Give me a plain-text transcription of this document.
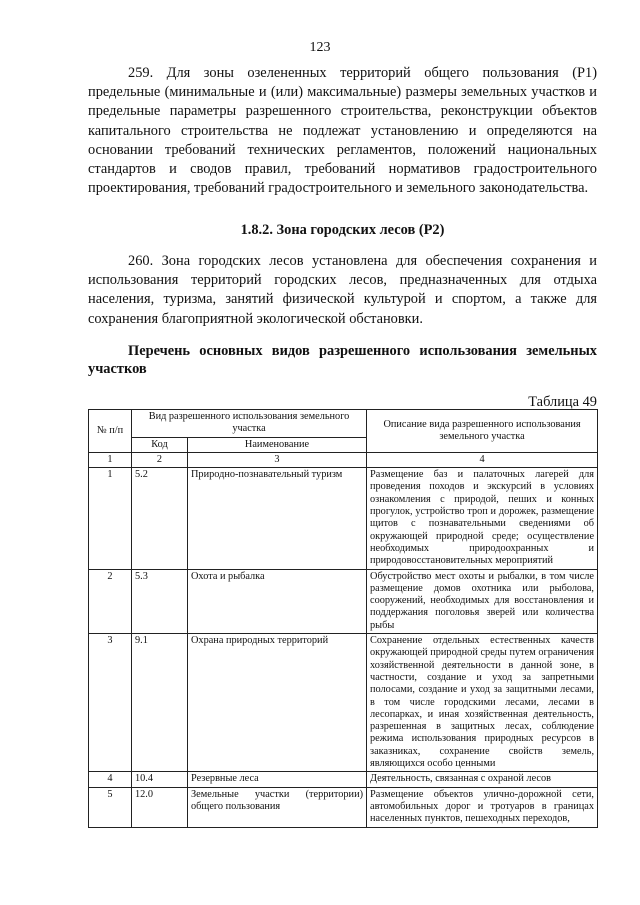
123

259. Для зоны озелененных территорий общего пользования (Р1) предельные (минимальные и (или) максимальные) размеры земельных участков и предельные параметры разрешенного строительства, реконструкции объектов капитального строительства не подлежат установлению и определяются на основании требований технических регламентов, положений национальных стандартов и сводов правил, требований нормативов градостроительного проектирования, требований градостроительного и земельного законодательства.

1.8.2. Зона городских лесов (Р2)

260. Зона городских лесов установлена для обеспечения сохранения и использования территорий городских лесов, предназначенных для отдыха населения, туризма, занятий физической культурой и спортом, а также для сохранения благоприятной экологической обстановки.

Перечень основных видов разрешенного использования земельных участков
Таблица 49
№ п/п	Вид разрешенного использования земельного участка		Описание вида разрешенного использования земельного участка
	Код	Наименование	
1	2	3	4
1	5.2	Природно-познавательный туризм	Размещение баз и палаточных лагерей для проведения походов и экскурсий в условиях ознакомления с природой, пеших и конных прогулок, устройство троп и дорожек, размещение щитов с познавательными сведениями об окружающей природной среде; осуществление необходимых природоохранных и природовосстановительных мероприятий
2	5.3	Охота и рыбалка	Обустройство мест охоты и рыбалки, в том числе размещение домов охотника или рыболова, сооружений, необходимых для восстановления и поддержания поголовья зверей или количества рыбы
3	9.1	Охрана природных территорий	Сохранение отдельных естественных качеств окружающей природной среды путем ограничения хозяйственной деятельности в данной зоне, в частности, создание и уход за запретными полосами, создание и уход за защитными лесами, в том числе городскими лесами, лесами в лесопарках, и иная хозяйственная деятельность, разрешенная в защитных лесах, соблюдение режима использования природных ресурсов в заказниках, сохранение свойств земель, являющихся особо ценными
4	10.4	Резервные леса	Деятельность, связанная с охраной лесов
5	12.0	Земельные участки (территории) общего пользования	Размещение объектов улично-дорожной сети, автомобильных дорог и тротуаров в границах населенных пунктов, пешеходных переходов,
